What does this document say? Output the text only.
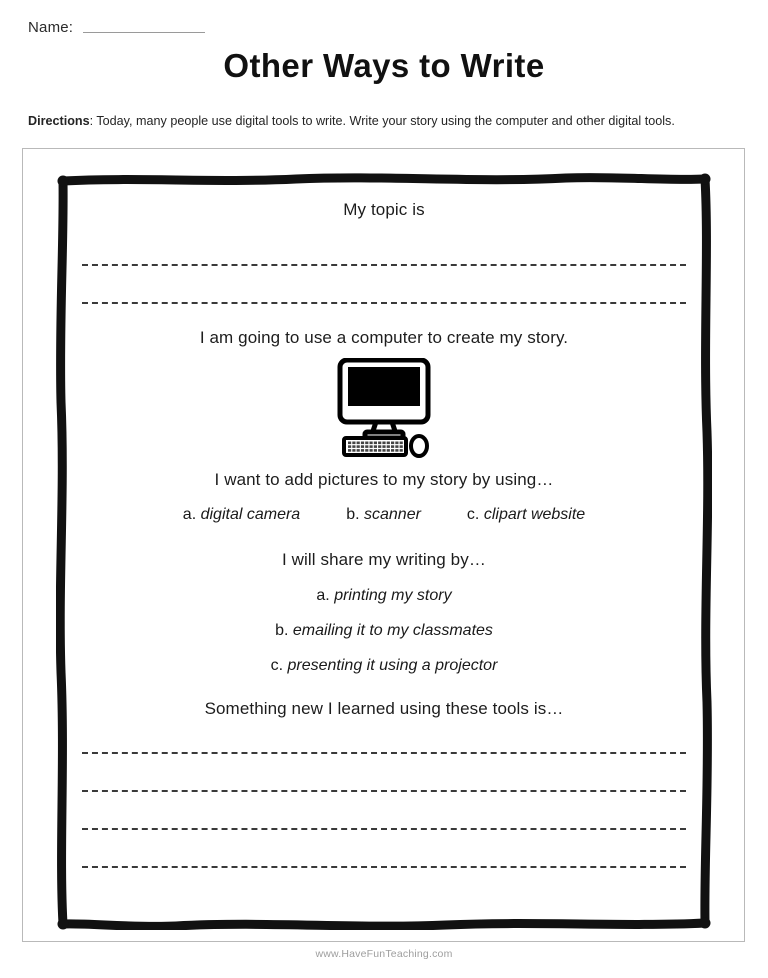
Name:
Other Ways to Write
Directions: Today, many people use digital tools to write. Write your story using the computer and other digital tools.
My topic is
I am going to use a computer to create my story.
I want to add pictures to my story by using…
a. digital camera	b. scanner	c. clipart website
I will share my writing by…
a. printing my story
b. emailing it to my classmates
c. presenting it using a projector
Something new I learned using these tools is…
www.HaveFunTeaching.com
